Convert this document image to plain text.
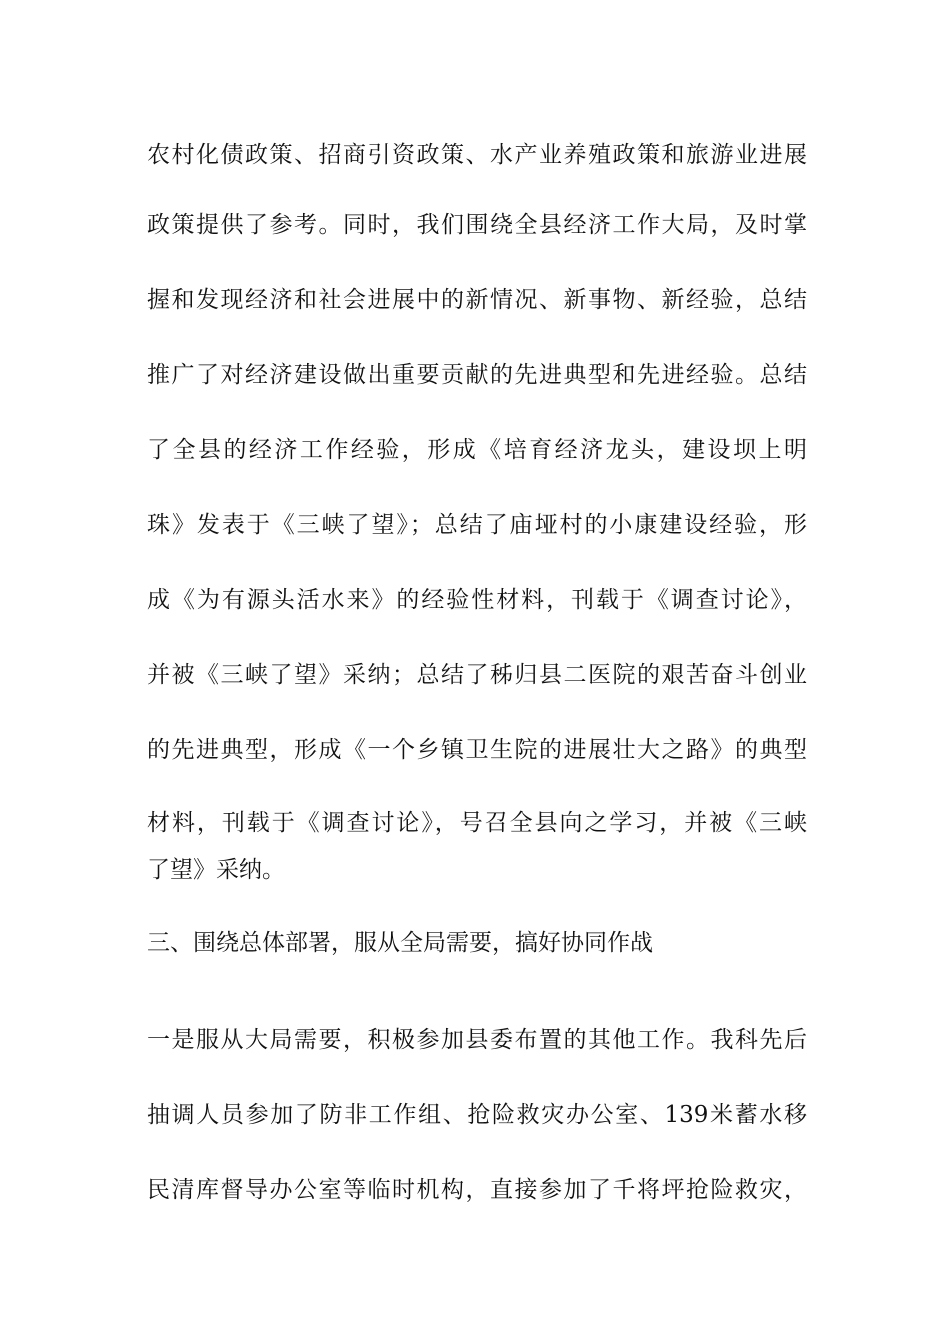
农村化债政策、招商引资政策、水产业养殖政策和旅游业进展
政策提供了参考。同时，我们围绕全县经济工作大局，及时掌
握和发现经济和社会进展中的新情况、新事物、新经验，总结
推广了对经济建设做出重要贡献的先进典型和先进经验。总结
了全县的经济工作经验，形成《培育经济龙头，建设坝上明
珠》发表于《三峡了望》；总结了庙垭村的小康建设经验，形
成《为有源头活水来》的经验性材料，刊载于《调查讨论》，
并被《三峡了望》采纳；总结了秭归县二医院的艰苦奋斗创业
的先进典型，形成《一个乡镇卫生院的进展壮大之路》的典型
材料，刊载于《调查讨论》，号召全县向之学习，并被《三峡
了望》采纳。
三、围绕总体部署，服从全局需要，搞好协同作战
一是服从大局需要，积极参加县委布置的其他工作。我科先后
抽调人员参加了防非工作组、抢险救灾办公室、139米蓄水移
民清库督导办公室等临时机构，直接参加了千将坪抢险救灾，
